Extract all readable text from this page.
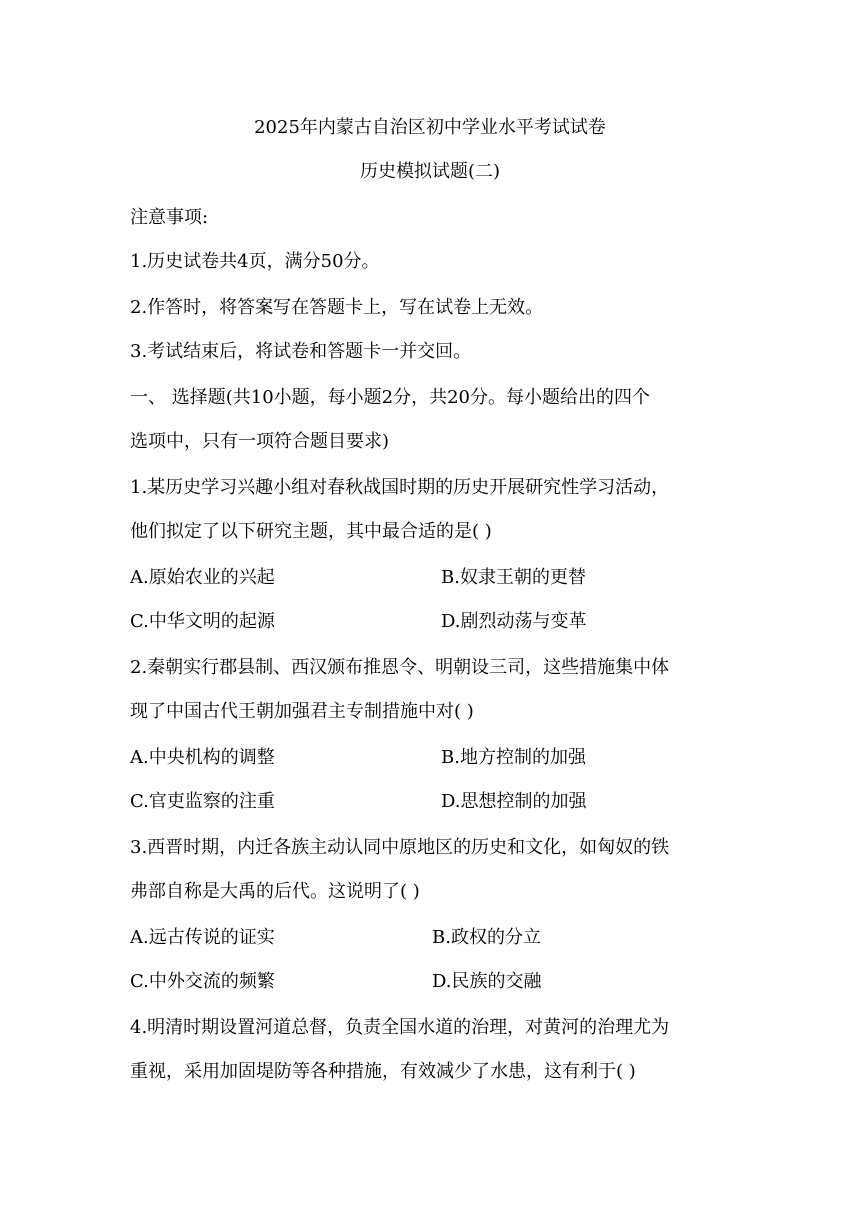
2025年内蒙古自治区初中学业水平考试试卷
历史模拟试题(二)
注意事项:
1.历史试卷共4页，满分50分。
2.作答时，将答案写在答题卡上，写在试卷上无效。
3.考试结束后，将试卷和答题卡一并交回。
一、 选择题(共10小题，每小题2分，共20分。每小题给出的四个
选项中，只有一项符合题目要求)
1.某历史学习兴趣小组对春秋战国时期的历史开展研究性学习活动，
他们拟定了以下研究主题，其中最合适的是( )
A.原始农业的兴起	B.奴隶王朝的更替
C.中华文明的起源	D.剧烈动荡与变革
2.秦朝实行郡县制、西汉颁布推恩令、明朝设三司，这些措施集中体
现了中国古代王朝加强君主专制措施中对( )
A.中央机构的调整	B.地方控制的加强
C.官吏监察的注重	D.思想控制的加强
3.西晋时期，内迁各族主动认同中原地区的历史和文化，如匈奴的铁
弗部自称是大禹的后代。这说明了( )
A.远古传说的证实	B.政权的分立
C.中外交流的频繁	D.民族的交融
4.明清时期设置河道总督，负责全国水道的治理，对黄河的治理尤为
重视，采用加固堤防等各种措施，有效减少了水患，这有利于( )
